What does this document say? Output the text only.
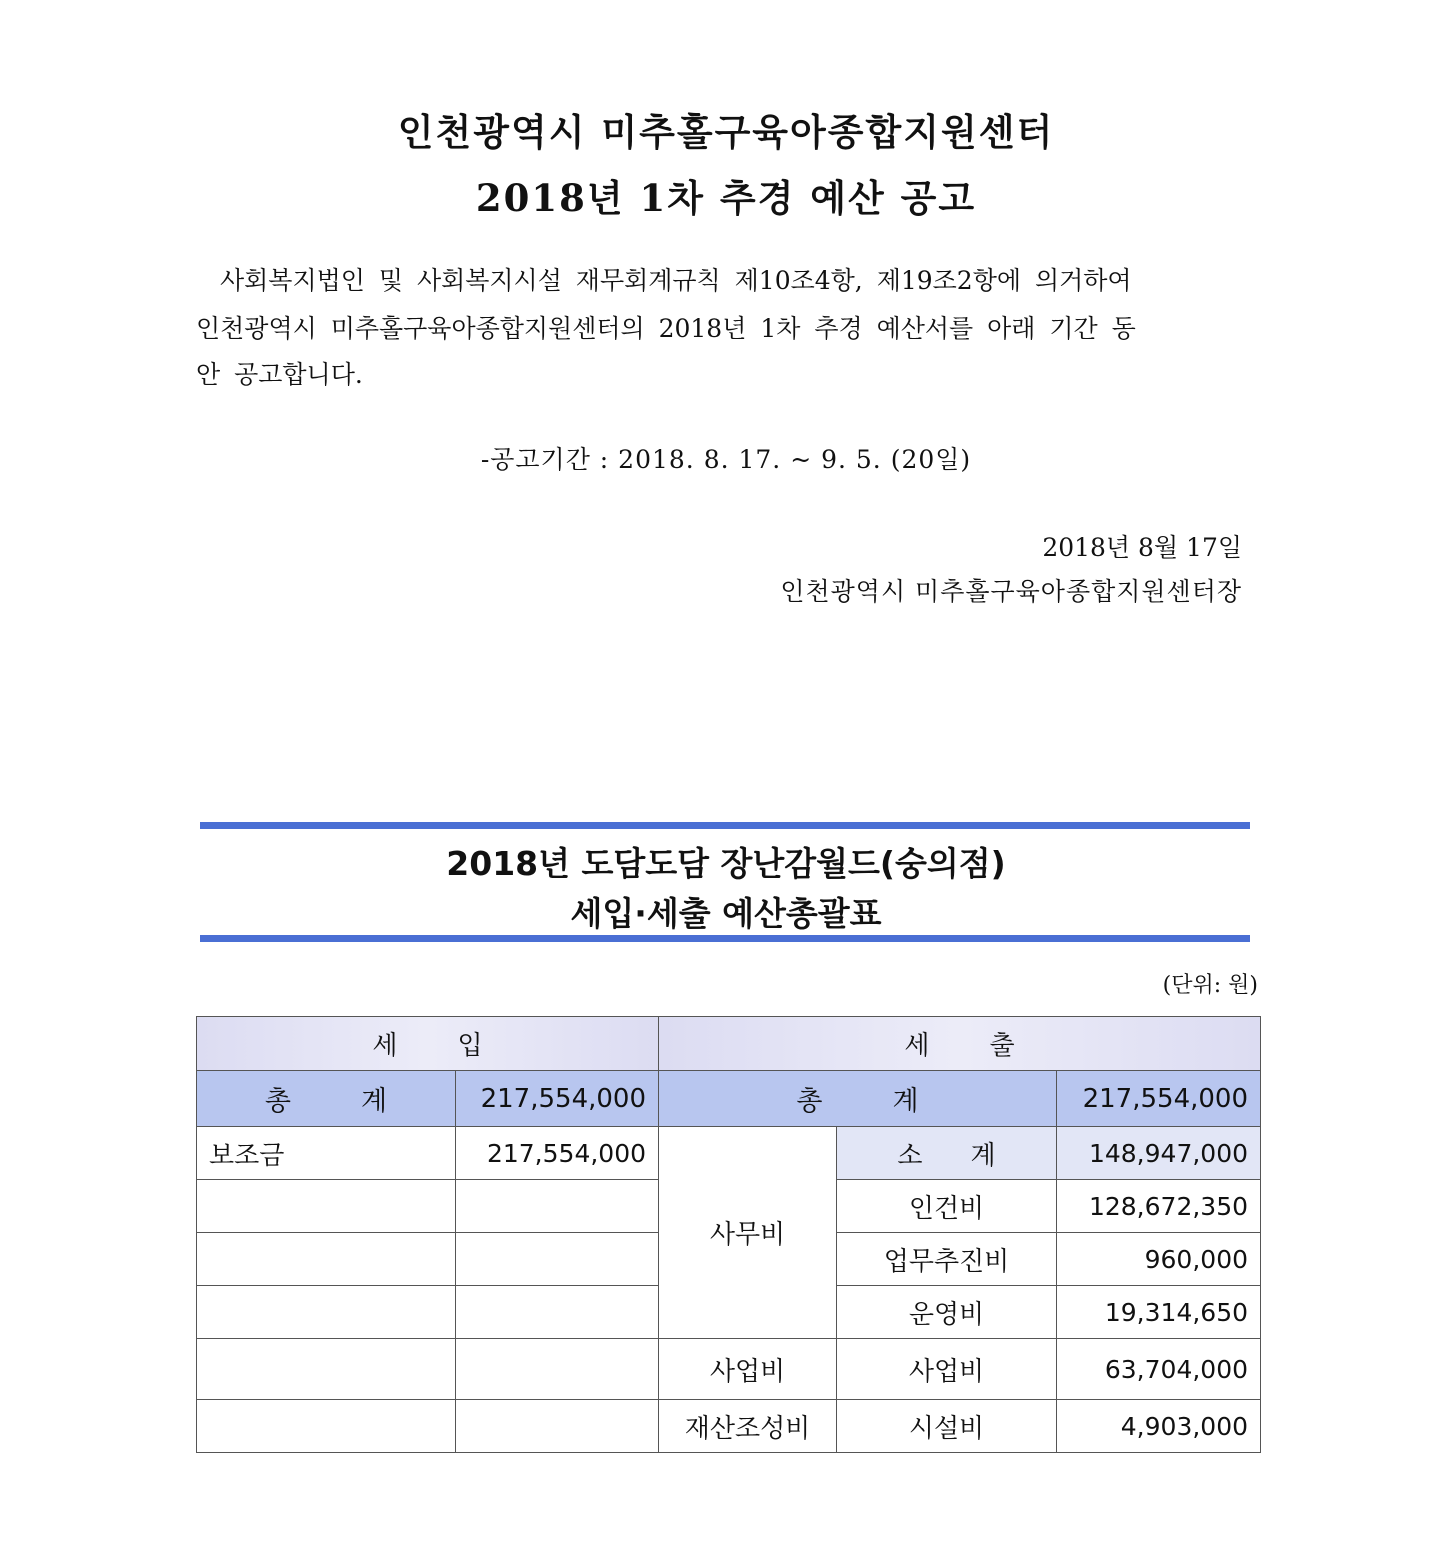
인천광역시 미추홀구육아종합지원센터
2018년 1차 추경 예산 공고
사회복지법인 및 사회복지시설 재무회계규칙 제10조4항, 제19조2항에 의거하여
인천광역시 미추홀구육아종합지원센터의 2018년 1차 추경 예산서를 아래 기간 동
안 공고합니다.
-공고기간 : 2018. 8. 17. ~ 9. 5. (20일)
2018년 8월 17일
인천광역시 미추홀구육아종합지원센터장
2018년 도담도담 장난감월드(숭의점)
세입·세출 예산총괄표
(단위: 원)
세입		세출		
총계	217,554,000	총계		217,554,000
보조금	217,554,000	사무비	소계	148,947,000
			인건비	128,672,350
			업무추진비	960,000
			운영비	19,314,650
		사업비	사업비	63,704,000
		재산조성비	시설비	4,903,000
